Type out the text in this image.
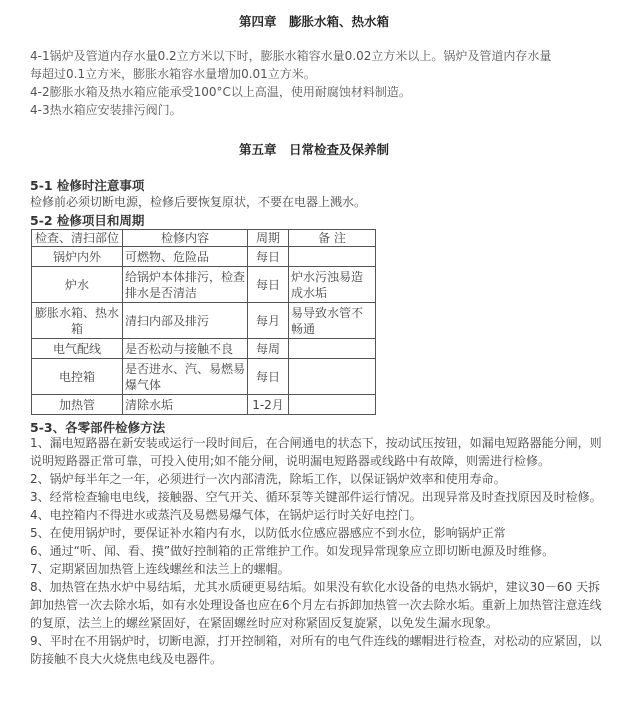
第四章　膨胀水箱、热水箱
4-1锅炉及管道内存水量0.2立方米以下时，膨胀水箱容水量0.02立方米以上。锅炉及管道内存水量
每超过0.1立方米，膨胀水箱容水量增加0.01立方米。
4-2膨胀水箱及热水箱应能承受100°C以上高温，使用耐腐蚀材料制造。
4-3热水箱应安装排污阀门。
第五章　日常检查及保养制
5-1 检修时注意事项
检修前必须切断电源，检修后要恢复原状，不要在电器上溅水。
5-2 检修项目和周期
检查、清扫部位	检修内容	周期	备 注
锅炉内外	可燃物、危险品	每日	
炉水	给锅炉本体排污，检查排水是否清洁	每日	炉水污浊易造成水垢
膨胀水箱、热水箱	清扫内部及排污	每月	易导致水管不畅通
电气配线	是否松动与接触不良	每周	
电控箱	是否进水、汽、易燃易爆气体	每日	
加热管	清除水垢	1-2月	
5-3、各零部件检修方法

1、漏电短路器在新安装或运行一段时间后，在合闸通电的状态下，按动试压按钮，如漏电短路器能分闸，则说明短路器正常可靠，可投入使用;如不能分闸，说明漏电短路器或线路中有故障，则需进行检修。

2、锅炉每半年之一年，必须进行一次内部清洗，除垢工作，以保证锅炉效率和使用寿命。

3、经常检查输电电线，接触器、空气开关、循环泵等关键部件运行情况。出现异常及时查找原因及时检修。

4、电控箱内不得进水或蒸汽及易燃易爆气体，在锅炉运行时关好电控门。

5、在使用锅炉时，要保证补水箱内有水，以防低水位感应器感应不到水位，影响锅炉正常

6、通过“听、闻、看、摸”做好控制箱的正常维护工作。如发现异常现象应立即切断电源及时维修。

7、定期紧固加热管上连线螺丝和法兰上的螺帽。

8、加热管在热水炉中易结垢，尤其水质硬更易结垢。如果没有软化水设备的电热水锅炉，建议30－60 天拆卸加热管一次去除水垢，如有水处理设备也应在6个月左右拆卸加热管一次去除水垢。重新上加热管注意连线的复原，法兰上的螺丝紧固好，在紧固螺丝时应对称紧固反复旋紧，以免发生漏水现象。

9、平时在不用锅炉时，切断电源，打开控制箱，对所有的电气件连线的螺帽进行检查，对松动的应紧固，以防接触不良大火烧焦电线及电器件。
